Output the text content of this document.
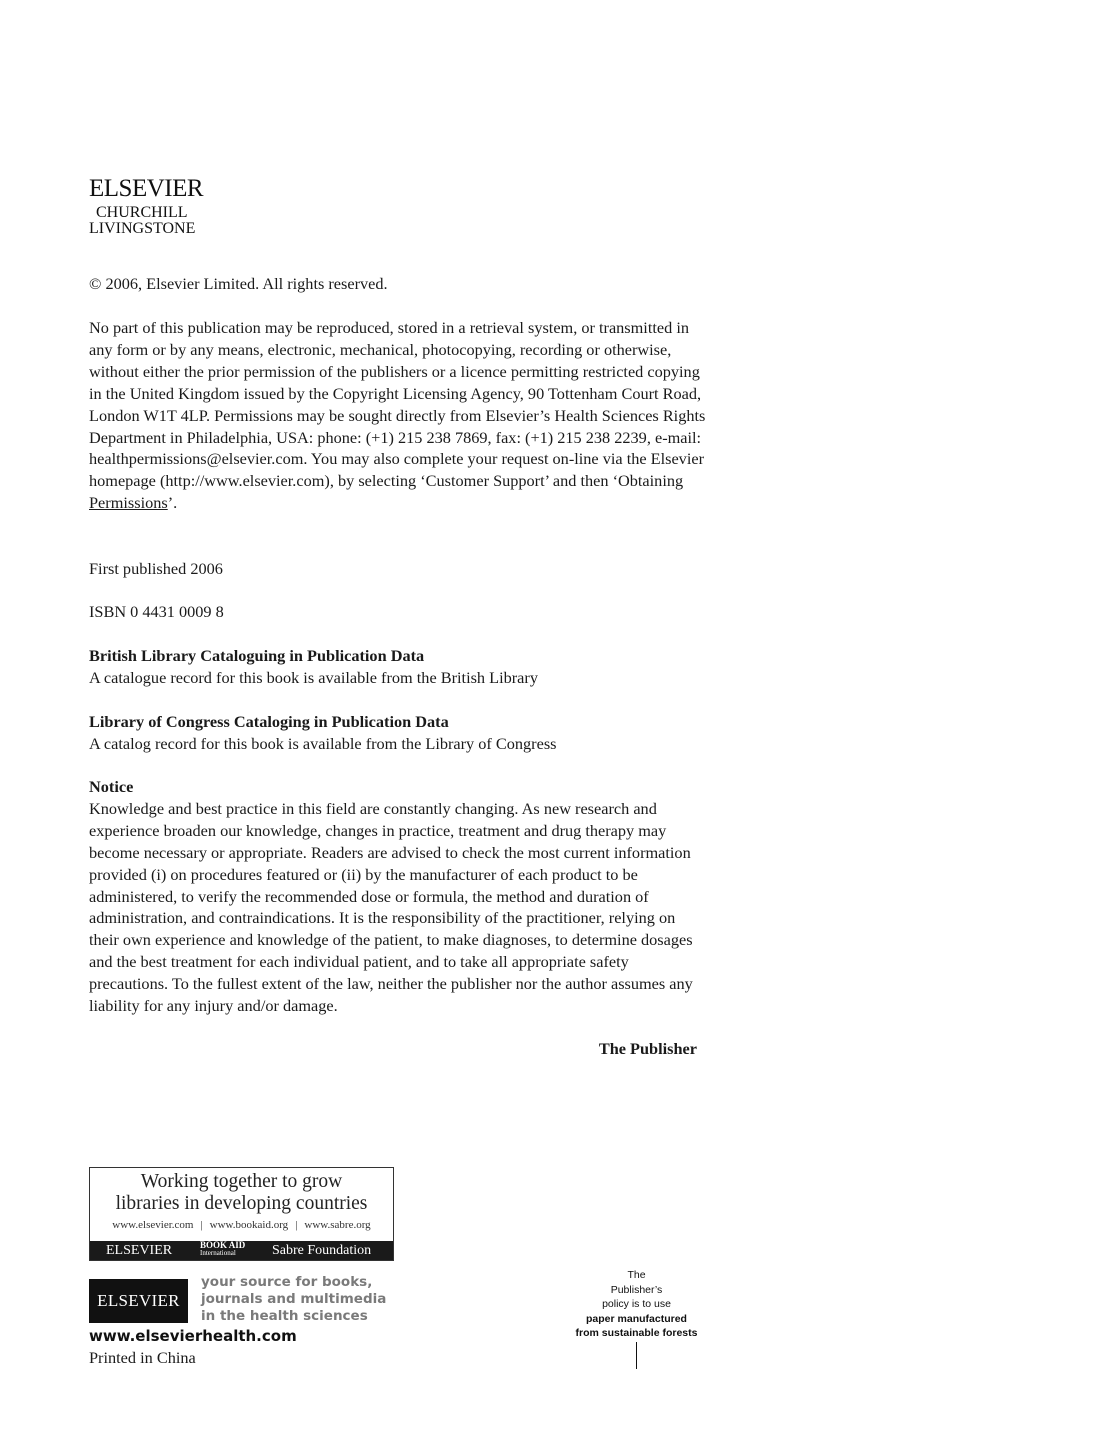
ELSEVIER
CHURCHILL
LIVINGSTONE
© 2006, Elsevier Limited. All rights reserved.
No part of this publication may be reproduced, stored in a retrieval system, or transmitted in any form or by any means, electronic, mechanical, photocopying, recording or otherwise, without either the prior permission of the publishers or a licence permitting restricted copying in the United Kingdom issued by the Copyright Licensing Agency, 90 Tottenham Court Road, London W1T 4LP. Permissions may be sought directly from Elsevier’s Health Sciences Rights Department in Philadelphia, USA: phone: (+1) 215 238 7869, fax: (+1) 215 238 2239, e-mail: healthpermissions@elsevier.com. You may also complete your request on-line via the Elsevier homepage (http://www.elsevier.com), by selecting ‘Customer Support’ and then ‘Obtaining Permissions’.
First published 2006
ISBN 0 4431 0009 8

British Library Cataloguing in Publication Data

A catalogue record for this book is available from the British Library

Library of Congress Cataloging in Publication Data

A catalog record for this book is available from the Library of Congress

Notice

Knowledge and best practice in this field are constantly changing. As new research and experience broaden our knowledge, changes in practice, treatment and drug therapy may become necessary or appropriate. Readers are advised to check the most current information provided (i) on procedures featured or (ii) by the manufacturer of each product to be administered, to verify the recommended dose or formula, the method and duration of administration, and contraindications. It is the responsibility of the practitioner, relying on their own experience and knowledge of the patient, to make diagnoses, to determine dosages and the best treatment for each individual patient, and to take all appropriate safety precautions. To the fullest extent of the law, neither the publisher nor the author assumes any liability for any injury and/or damage.

The Publisher
Working together to grow
libraries in developing countries
www.elsevier.com | www.bookaid.org | www.sabre.org
ELSEVIER	BOOK AID
International	Sabre Foundation
ELSEVIER
your source for books,
journals and multimedia
in the health sciences
www.elsevierhealth.com
Printed in China
The
Publisher’s
policy is to use
paper manufactured
from sustainable forests
